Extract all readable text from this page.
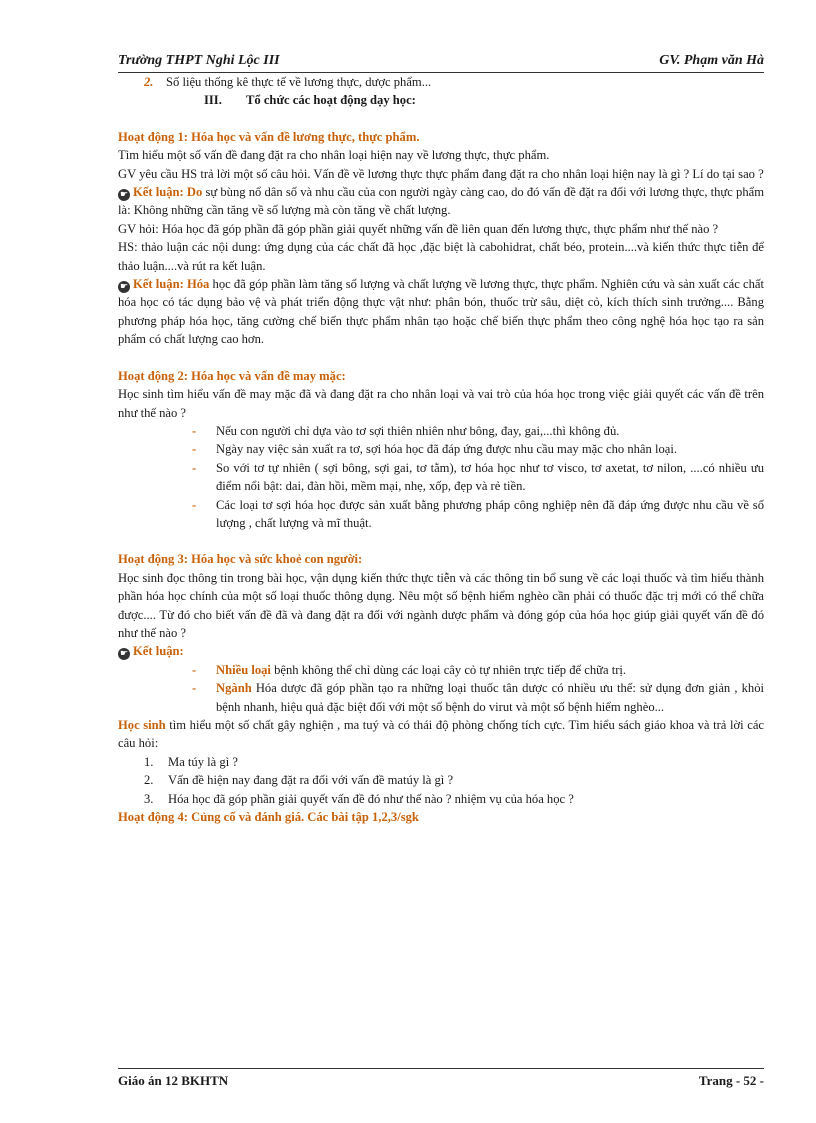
Trường THPT Nghi Lộc III	GV. Phạm văn Hà
2. Số liệu thống kê thực tế về lương thực, dược phẩm...
III. Tổ chức các hoạt động dạy học:

Hoạt động 1: Hóa học và vấn đề lương thực, thực phẩm.

Tìm hiểu một số vấn đề đang đặt ra cho nhân loại hiện nay về lương thực, thực phẩm.

GV yêu cầu HS trả lời một số câu hỏi. Vấn đề về lương thực thực phẩm đang đặt ra cho nhân loại hiện nay là gì ? Lí do tại sao ?

☛ Kết luận: Do sự bùng nổ dân số và nhu cầu của con người ngày càng cao, do đó vấn đề đặt ra đối với lương thực, thực phẩm là: Không những cần tăng về số lượng mà còn tăng về chất lượng.

GV hỏi: Hóa học đã góp phần đã góp phần giải quyết những vấn đề liên quan đến lương thực, thực phẩm như thế nào ?

HS: thảo luận các nội dung: ứng dụng của các chất đã học ,đặc biệt là cabohidrat, chất béo, protein....và kiến thức thực tiễn để thảo luận....và rút ra kết luận.

☛ Kết luận: Hóa học đã góp phần làm tăng số lượng và chất lượng về lương thực, thực phẩm. Nghiên cứu và sản xuất các chất hóa học có tác dụng bảo vệ và phát triển động thực vật như: phân bón, thuốc trừ sâu, diệt cỏ, kích thích sinh trưởng.... Bằng phương pháp hóa học, tăng cường chế biến thực phẩm nhân tạo hoặc chế biến thực phẩm theo công nghệ hóa học tạo ra sản phẩm có chất lượng cao hơn.

Hoạt động 2: Hóa học và vấn đề may mặc:

Học sinh tìm hiểu vấn đề may mặc đã và đang đặt ra cho nhân loại và vai trò của hóa học trong việc giải quyết các vấn đề trên như thế nào ?

-	Nếu con người chỉ dựa vào tơ sợi thiên nhiên như bông, đay, gai,...thì không đủ.
-	Ngày nay việc sản xuất ra tơ, sợi hóa học đã đáp ứng được nhu cầu may mặc cho nhân loại.
-	So với tơ tự nhiên ( sợi bông, sợi gai, tơ tằm), tơ hóa học như tơ visco, tơ axetat, tơ nilon, ....có nhiều ưu điểm nổi bật: dai, đàn hồi, mềm mại, nhẹ, xốp, đẹp và rẻ tiền.
-	Các loại tơ sợi hóa học được sản xuất bằng phương pháp công nghiệp nên đã đáp ứng được nhu cầu về số lượng , chất lượng và mĩ thuật.

Hoạt động 3: Hóa học và sức khoẻ con người:

Học sinh đọc thông tin trong bài học, vận dụng kiến thức thực tiễn và các thông tin bổ sung về các loại thuốc và tìm hiểu thành phần hóa học chính của một số loại thuốc thông dụng. Nêu một số bệnh hiểm nghèo cần phải có thuốc đặc trị mới có thể chữa được.... Từ đó cho biết vấn đề đã và đang đặt ra đối với ngành dược phẩm và đóng góp của hóa học giúp giải quyết vấn đề đó như thế nào ?

☛ Kết luận:

-	Nhiều loại bệnh không thể chỉ dùng các loại cây cỏ tự nhiên trực tiếp để chữa trị.
-	Ngành Hóa dược đã góp phần tạo ra những loại thuốc tân dược có nhiều ưu thế: sử dụng đơn giản , khỏi bệnh nhanh, hiệu quả đặc biệt đối với một số bệnh do virut và một số bệnh hiểm nghèo...

Học sinh tìm hiểu một số chất gây nghiện , ma tuý và có thái độ phòng chống tích cực. Tìm hiểu sách giáo khoa và trả lời các câu hỏi:

1.	Ma túy là gì ?
2.	Vấn đề hiện nay đang đặt ra đối với vấn đề matúy là gì ?
3.	Hóa học đã góp phần giải quyết vấn đề đó như thế nào ? nhiệm vụ của hóa học ?

Hoạt động 4: Củng cố và đánh giá. Các bài tập 1,2,3/sgk

Giáo án 12 BKHTN	Trang - 52 -
